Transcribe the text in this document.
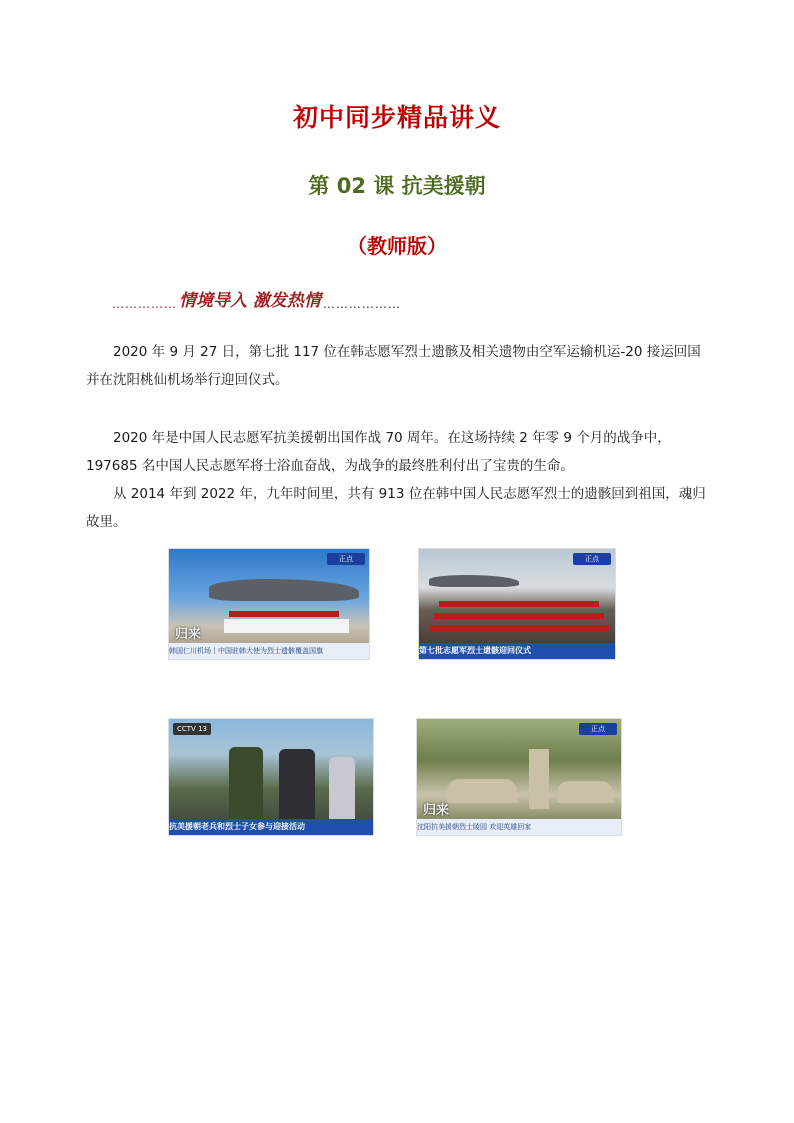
初中同步精品讲义
第 02 课 抗美援朝
（教师版）
…………… 情境导入 激发热情 ………………

2020 年 9 月 27 日，第七批 117 位在韩志愿军烈士遗骸及相关遗物由空军运输机运-20 接运回国并在沈阳桃仙机场举行迎回仪式。

2020 年是中国人民志愿军抗美援朝出国作战 70 周年。在这场持续 2 年零 9 个月的战争中，197685 名中国人民志愿军将士浴血奋战，为战争的最终胜利付出了宝贵的生命。

从 2014 年到 2022 年，九年时间里，共有 913 位在韩中国人民志愿军烈士的遗骸回到祖国，魂归故里。

正点
归来
韩国仁川机场丨中国驻韩大使为烈士遗骸覆盖国旗
正点
第七批志愿军烈士遗骸迎回仪式
CCTV 13
抗美援朝老兵和烈士子女参与迎接活动
正点
归来
沈阳抗美援朝烈士陵园 欢迎英雄回家
